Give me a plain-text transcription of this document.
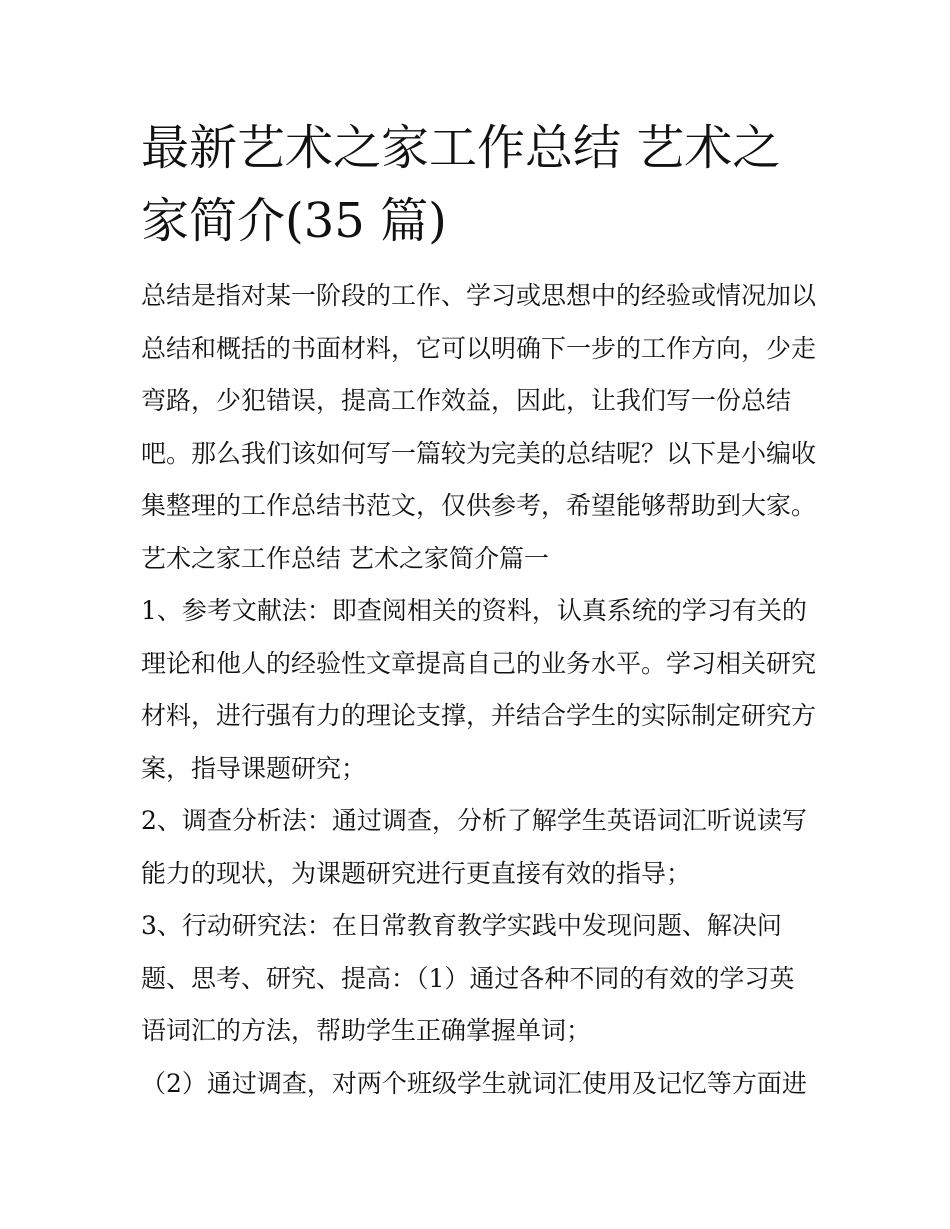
最新艺术之家工作总结 艺术之
家简介(35 篇)
总结是指对某一阶段的工作、学习或思想中的经验或情况加以
总结和概括的书面材料，它可以明确下一步的工作方向，少走
弯路，少犯错误，提高工作效益，因此，让我们写一份总结
吧。那么我们该如何写一篇较为完美的总结呢？以下是小编收
集整理的工作总结书范文，仅供参考，希望能够帮助到大家。
艺术之家工作总结 艺术之家简介篇一
1、参考文献法：即查阅相关的资料，认真系统的学习有关的
理论和他人的经验性文章提高自己的业务水平。学习相关研究
材料，进行强有力的理论支撑，并结合学生的实际制定研究方
案，指导课题研究；
2、调查分析法：通过调查，分析了解学生英语词汇听说读写
能力的现状，为课题研究进行更直接有效的指导；
3、行动研究法：在日常教育教学实践中发现问题、解决问
题、思考、研究、提高：（1）通过各种不同的有效的学习英
语词汇的方法，帮助学生正确掌握单词；
（2）通过调查，对两个班级学生就词汇使用及记忆等方面进
